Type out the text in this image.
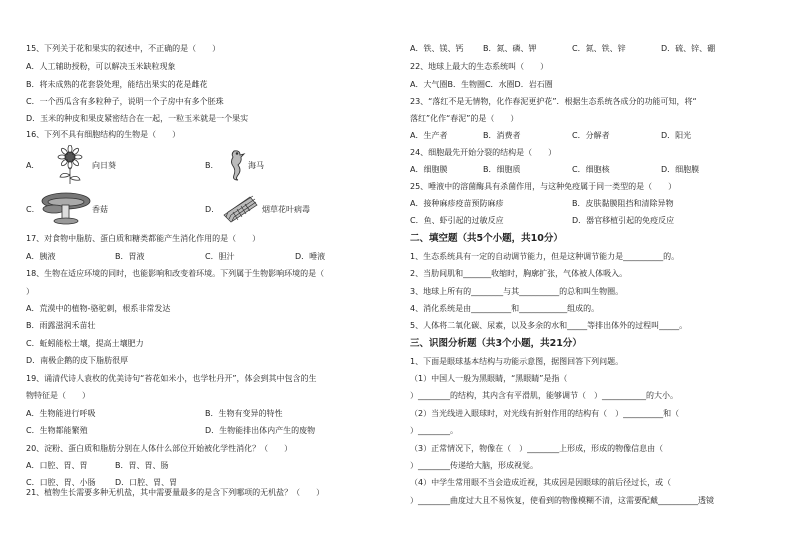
15、下列关于花和果实的叙述中，不正确的是（　　）
A．人工辅助授粉，可以解决玉米缺粒现象
B．将未成熟的花套袋处理，能结出果实的花是雌花
C．一个西瓜含有多粒种子，说明一个子房中有多个胚珠
D．玉米的种皮和果皮紧密结合在一起，一粒玉米就是一个果实
16、下列不具有细胞结构的生物是（　　）
A.	向日葵	B.	海马
C.	香菇	D.	烟草花叶病毒
17、对食物中脂肪、蛋白质和糖类都能产生消化作用的是（　　）
A．胰液	B．胃液	C．胆汁	D．唾液
18、生物在适应环境的同时，也能影响和改变着环境。下列属于生物影响环境的是（
）
A．荒漠中的植物-骆驼刺，根系非常发达
B．雨露滋润禾苗壮
C．蚯蚓能松土壤，提高土壤肥力
D．南极企鹅的皮下脂肪很厚
19、诵清代诗人袁枚的优美诗句“苔花如米小，也学牡丹开”，体会到其中包含的生
物特征是（　　）
A．生物能进行呼吸	B．生物有变异的特性
C．生物都能繁殖	D．生物能排出体内产生的废物
20、淀粉、蛋白质和脂肪分别在人体什么部位开始被化学性消化？（　　）
A．口腔、胃、胃	B．胃、胃、肠
C．口腔、胃、小肠 D．口腔、胃、胃
21、植物生长需要多种无机盐，其中需要量最多的是含下列哪项的无机盐？（　　）
A．铁、镁、钙 B．氮、磷、钾	C．氮、铁、锌	D．硫、锌、硼
22、地球上最大的生态系统叫（　　）
A．大气圈B．生物圈C．水圈D．岩石圈
23、“落红不是无情物，化作春泥更护花”．根据生态系统各成分的功能可知，将“
落红”化作“春泥”的是（　　）
A．生产者	B．消费者	C．分解者	D．阳光
24、细胞最先开始分裂的结构是（　　）
A．细胞膜	B．细胞质	C．细胞核	D．细胞膜
25、唾液中的溶菌酶具有杀菌作用，与这种免疫属于同一类型的是（　　）
A．接种麻疹疫苗预防麻疹	B．皮肤黏膜阻挡和清除异物
C．鱼、虾引起的过敏反应	D．器官移植引起的免疫反应
二、填空题（共5个小题，共10分）
1、生态系统具有一定的自动调节能力，但是这种调节能力是__________的。
2、当肋间肌和_______收缩时，胸廓扩张，气体被人体吸入。
3、地球上所有的________与其__________的总和叫生物圈。
4、消化系统是由__________和____________组成的。
5、人体将二氧化碳、尿素，以及多余的水和_____等排出体外的过程叫_____。
三、识图分析题（共3个小题，共21分）
1、下面是眼球基本结构与功能示意图，据图回答下列问题。
（1）中国人一般为黑眼睛，“黑眼睛”是指（
）________的结构，其内含有平滑肌，能够调节（　）___________的大小。
（2）当光线进入眼球时，对光线有折射作用的结构有（　）__________和（
）________。
（3）正常情况下，物像在（　）________上形成，形成的物像信息由（
）________传递给大脑，形成视觉。
（4）中学生常用眼不当会造成近视，其成因是因眼球的前后径过长，或（
）________曲度过大且不易恢复，使看到的物像模糊不清，这需要配戴__________透镜
